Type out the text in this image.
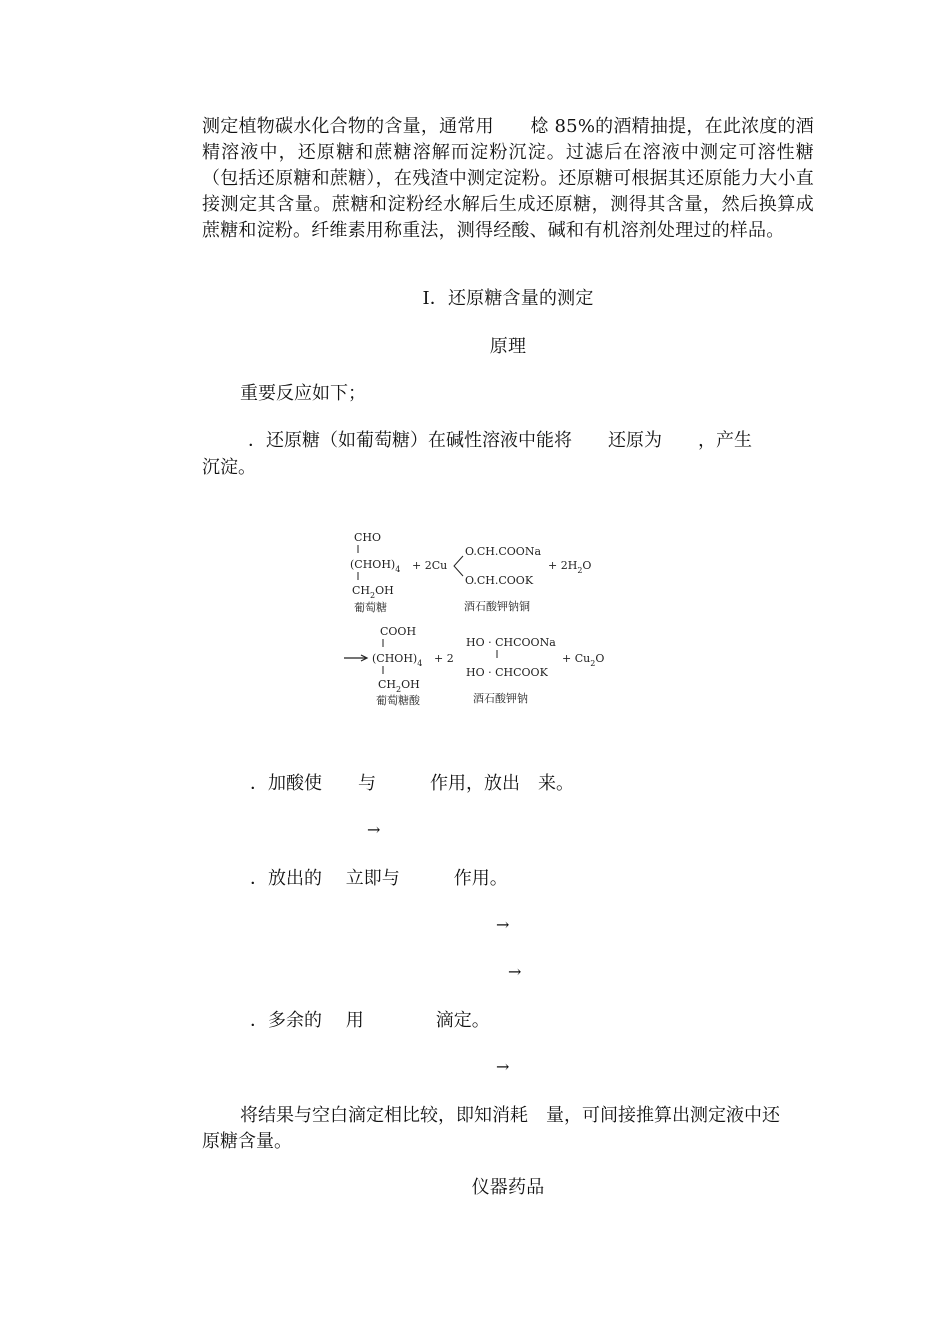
测定植物碳水化合物的含量，通常用　　棯 85%的酒精抽提，在此浓度的酒精溶液中，还原糖和蔗糖溶解而淀粉沉淀。过滤后在溶液中测定可溶性糖（包括还原糖和蔗糖），在残渣中测定淀粉。还原糖可根据其还原能力大小直接测定其含量。蔗糖和淀粉经水解后生成还原糖，测得其含量，然后换算成蔗糖和淀粉。纤维素用称重法，测得经酸、碱和有机溶剂处理过的样品。

Ⅰ．还原糖含量的测定

原理

重要反应如下；
．还原糖（如葡萄糖）在碱性溶液中能将　　还原为　　，产生
沉淀。
CHO
$(CHOH)_4 + 2Cu$
O.CH.COONa
O.CH.COOK
+ $2H_2O$
$CH_2OH$
葡萄糖	酒石酸钾钠铜
COOH
$(CHOH)_4 + 2$
HO · CHCOONa
HO · CHCOOK
+ $Cu_2O$
$CH_2OH$
葡萄糖酸	酒石酸钾钠
．加酸使　　与　　　作用，放出　来。
→
．放出的　 立即与　　　作用。
→
→
．多余的　 用　　　　滴定。
→
将结果与空白滴定相比较，即知消耗　量，可间接推算出测定液中还
原糖含量。

仪器药品
